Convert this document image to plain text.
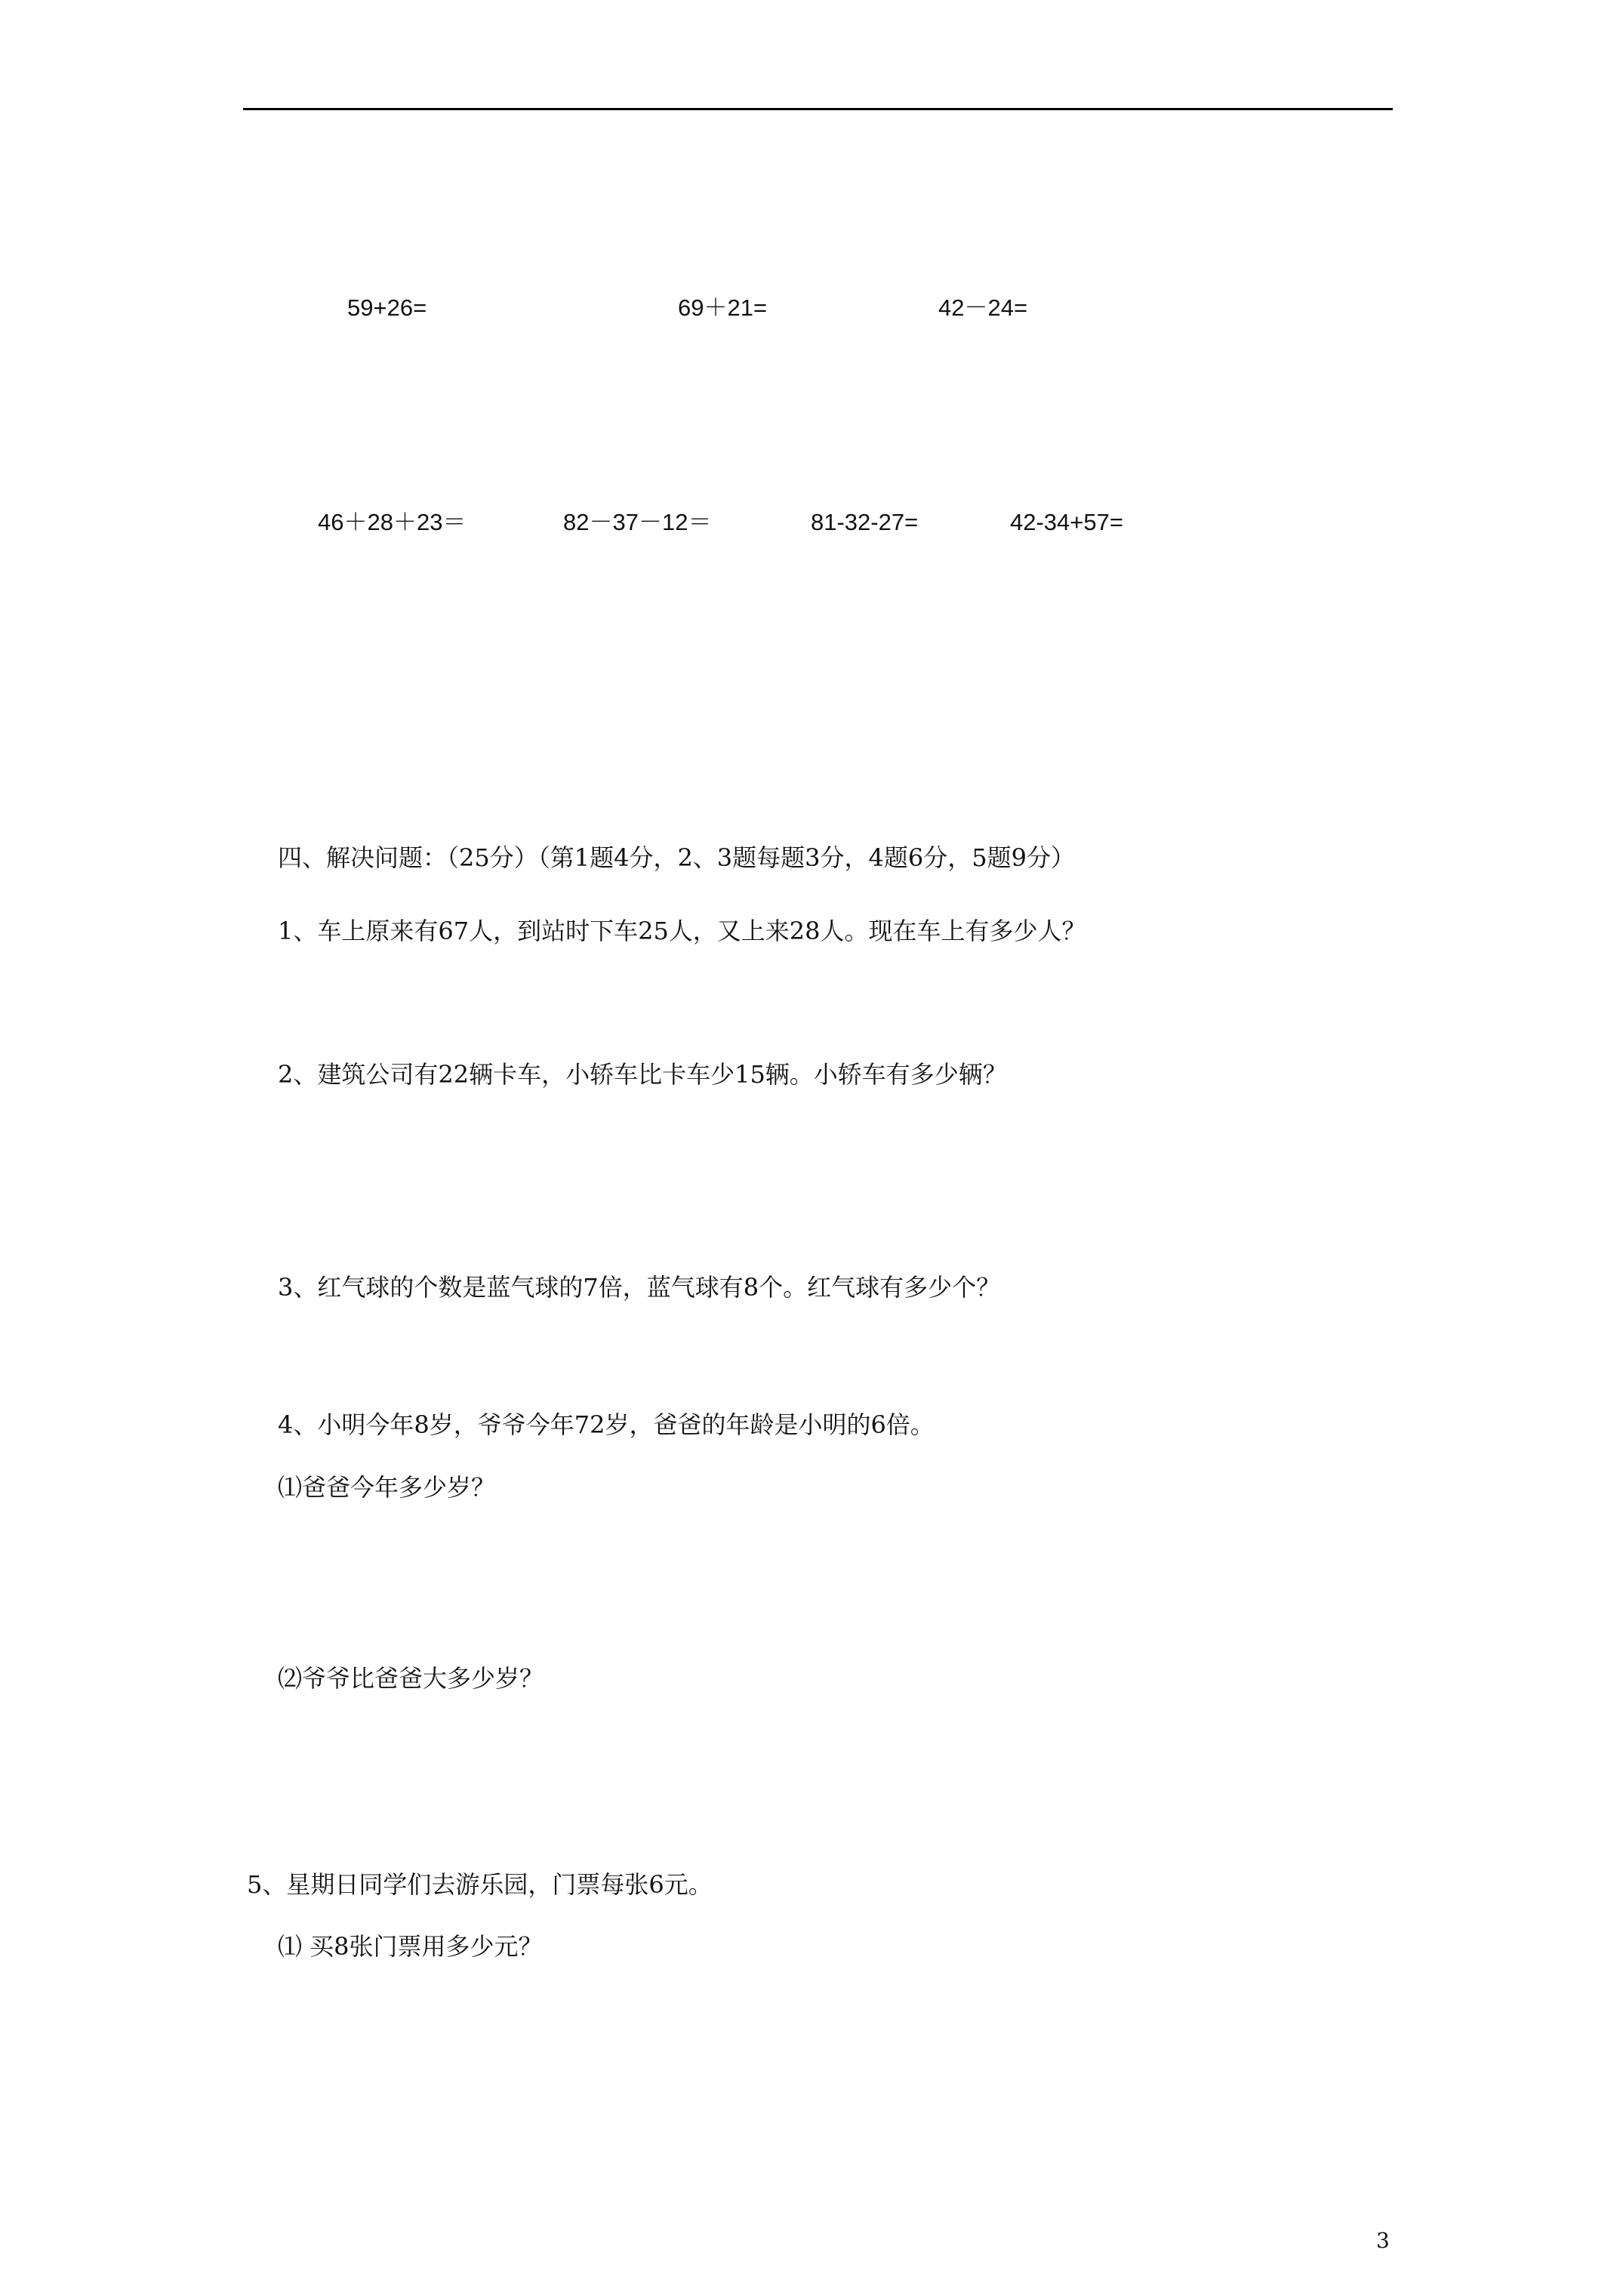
59+26=	69＋21=	42－24=
46＋28＋23＝	82－37－12＝	81-32-27=	42-34+57=
四、解决问题：（25分）（第1题4分，2、3题每题3分，4题6分，5题9分）
1、车上原来有67人，到站时下车25人，又上来28人。现在车上有多少人？
2、建筑公司有22辆卡车，小轿车比卡车少15辆。小轿车有多少辆？
3、红气球的个数是蓝气球的7倍，蓝气球有8个。红气球有多少个？
4、小明今年8岁，爷爷今年72岁，爸爸的年龄是小明的6倍。
⑴爸爸今年多少岁？
⑵爷爷比爸爸大多少岁？
5、星期日同学们去游乐园，门票每张6元。
⑴ 买8张门票用多少元？
3
